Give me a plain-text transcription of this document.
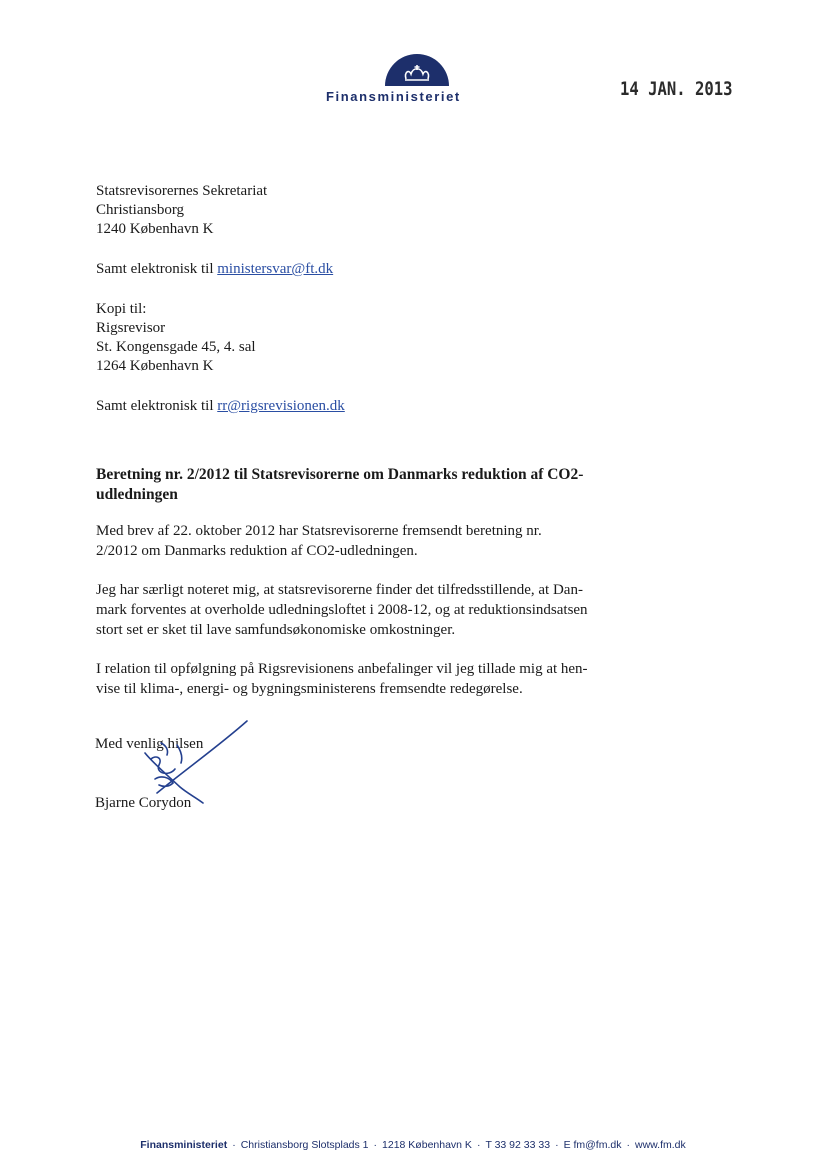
Finansministeriet	14 JAN. 2013
Statsrevisorernes Sekretariat
Christiansborg
1240 København K
Samt elektronisk til ministersvar@ft.dk
Kopi til:
Rigsrevisor
St. Kongensgade 45, 4. sal
1264 København K
Samt elektronisk til rr@rigsrevisionen.dk
Beretning nr. 2/2012 til Statsrevisorerne om Danmarks reduktion af CO2-udledningen

Med brev af 22. oktober 2012 har Statsrevisorerne fremsendt beretning nr.
2/2012 om Danmarks reduktion af CO2-udledningen.

Jeg har særligt noteret mig, at statsrevisorerne finder det tilfredsstillende, at Dan-
mark forventes at overholde udledningsloftet i 2008-12, og at reduktionsindsatsen
stort set er sket til lave samfundsøkonomiske omkostninger.

I relation til opfølgning på Rigsrevisionens anbefalinger vil jeg tillade mig at hen-
vise til klima-, energi- og bygningsministerens fremsendte redegørelse.

Med venlig hilsen
Bjarne Corydon
Finansministeriet · Christiansborg Slotsplads 1 · 1218 København K · T 33 92 33 33 · E fm@fm.dk · www.fm.dk
